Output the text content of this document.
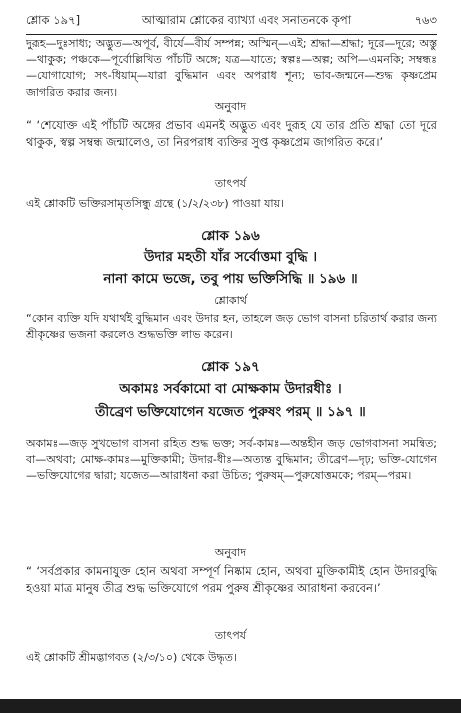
শ্লোক ১৯৭]	আত্মারাম শ্লোকের ব্যাখ্যা এবং সনাতনকে কৃপা	৭৬৩

দুরূহ—দুঃসাধ্য; অদ্ভুত—অপূর্ব, বীর্যে—বীর্য সম্পন্ন; অস্মিন্‌—এই; শ্রদ্ধা—শ্রদ্ধা; দূরে—দূরে; অস্তু—থাকুক; পঞ্চকে—পূর্বোল্লিখিত পাঁচটি অঙ্গে; যত্র—যাতে; স্বল্পঃ—অল্প; অপি—এমনকি; সম্বন্ধঃ—যোগাযোগ; সৎ-ধিয়াম্‌—যারা বুদ্ধিমান এবং অপরাধ শূন্য; ভাব-জন্মনে—শুদ্ধ কৃষ্ণপ্রেম জাগরিত করার জন্য।

অনুবাদ

“ ‘শেযোক্ত এই পাঁচটি অঙ্গের প্রভাব এমনই অদ্ভুত এবং দুরূহ যে তার প্রতি শ্রদ্ধা তো দূরে থাকুক, স্বল্প সম্বন্ধ জন্মালেও, তা নিরপরাধ ব্যক্তির সুপ্ত কৃষ্ণপ্রেম জাগরিত করে।’

তাৎপর্য

এই শ্লোকটি ভক্তিরসামৃতসিন্ধু গ্রন্থে (১/২/২৩৮) পাওয়া যায়।

শ্লোক ১৯৬
উদার মহতী যাঁর সর্বোত্তমা বুদ্ধি ।
নানা কামে ভজে, তবু পায় ভক্তিসিদ্ধি ॥ ১৯৬ ॥
শ্লোকার্থ

“কোন ব্যক্তি যদি যথার্থই বুদ্ধিমান এবং উদার হন, তাহলে জড় ভোগ বাসনা চরিতার্থ করার জন্য শ্রীকৃষ্ণের ভজনা করলেও শুদ্ধভক্তি লাভ করেন।

শ্লোক ১৯৭
অকামঃ সর্বকামো বা মোক্ষকাম উদারধীঃ ।
তীব্রেণ ভক্তিযোগেন যজেত পুরুষং পরম্‌ ॥ ১৯৭ ॥

অকামঃ—জড় সুখভোগ বাসনা রহিত শুদ্ধ ভক্ত; সর্ব-কামঃ—অন্তহীন জড় ভোগবাসনা সমন্বিত; বা—অথবা; মোক্ষ-কামঃ—মুক্তিকামী; উদার-ধীঃ—অত্যন্ত বুদ্ধিমান; তীব্রেণ—দৃঢ়; ভক্তি-যোগেন—ভক্তিযোগের দ্বারা; যজেত—আরাধনা করা উচিত; পুরুষম্‌—পুরুষোত্তমকে; পরম্‌—পরম।

অনুবাদ

“ ‘সর্বপ্রকার কামনাযুক্ত হোন অথবা সম্পূর্ণ নিষ্কাম হোন, অথবা মুক্তিকামীই হোন উদারবুদ্ধি হওয়া মাত্র মানুষ তীব্র শুদ্ধ ভক্তিযোগে পরম পুরুষ শ্রীকৃষ্ণের আরাধনা করবেন।’

তাৎপর্য

এই শ্লোকটি শ্রীমদ্ভাগবত (২/৩/১০) থেকে উদ্ধৃত।
